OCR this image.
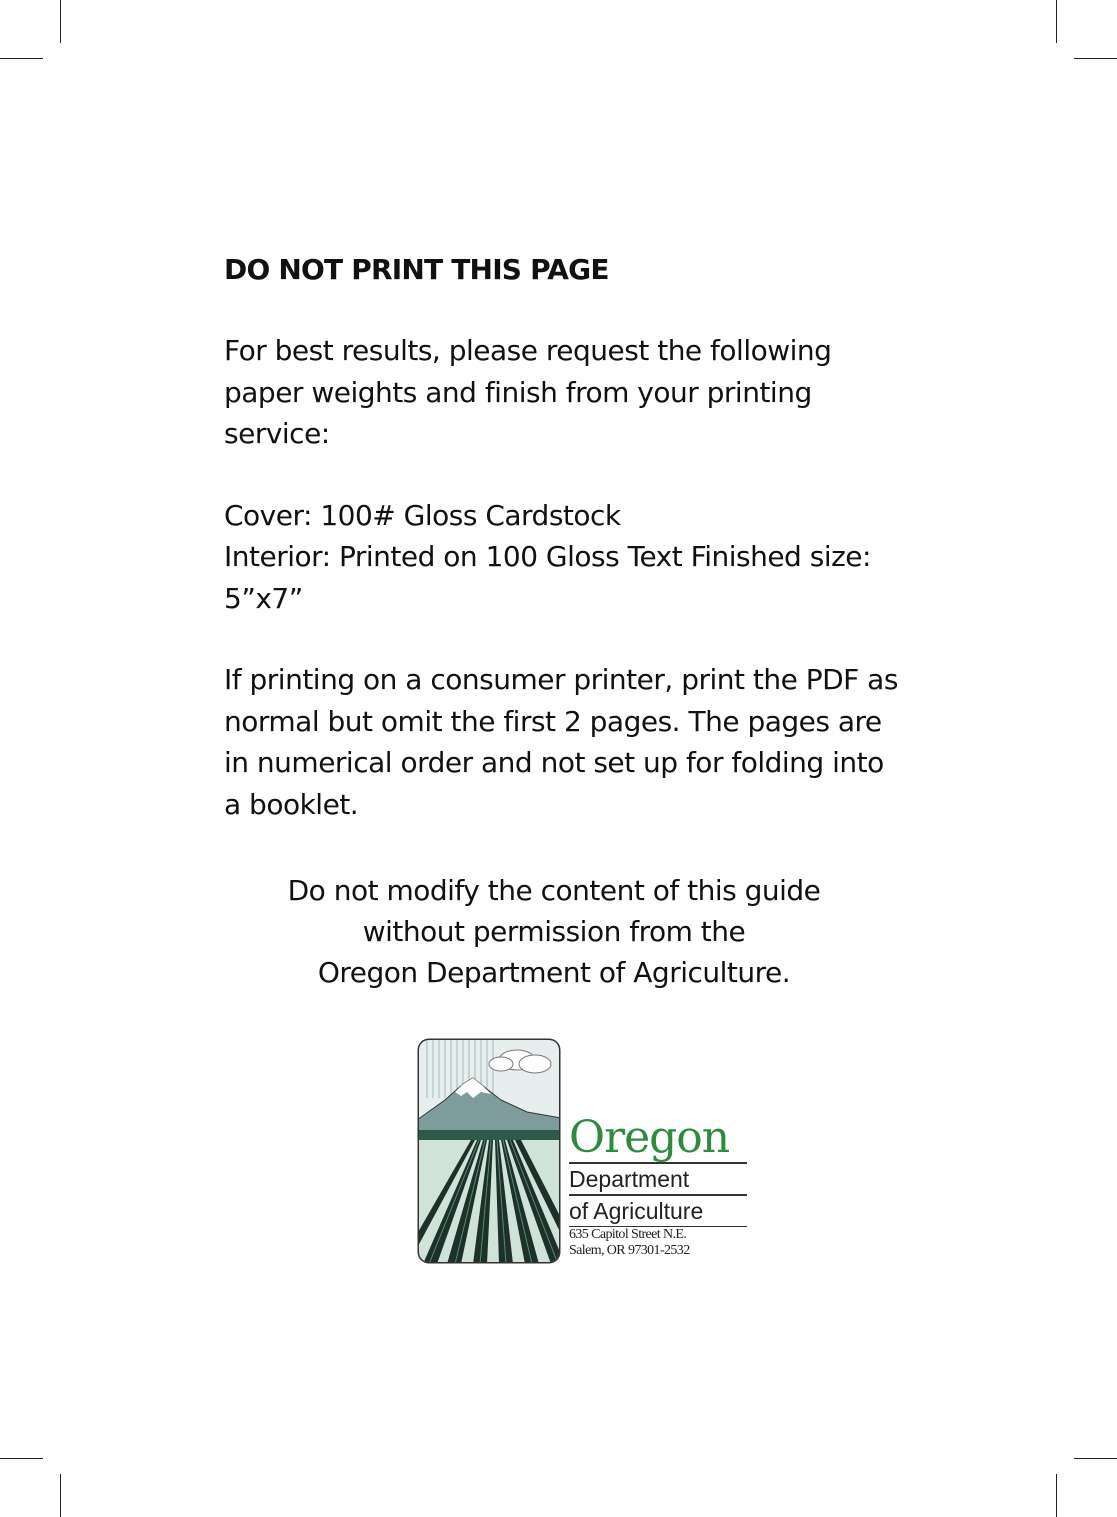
DO NOT PRINT THIS PAGE
For best results, please request the following
paper weights and finish from your printing
service:
Cover: 100# Gloss Cardstock
Interior: Printed on 100 Gloss Text Finished size:
5”x7”
If printing on a consumer printer, print the PDF as
normal but omit the first 2 pages. The pages are
in numerical order and not set up for folding into
a booklet.
Do not modify the content of this guide
without permission from the
Oregon Department of Agriculture.
Oregon
Department
of Agriculture
635 Capitol Street N.E.
Salem, OR 97301-2532
